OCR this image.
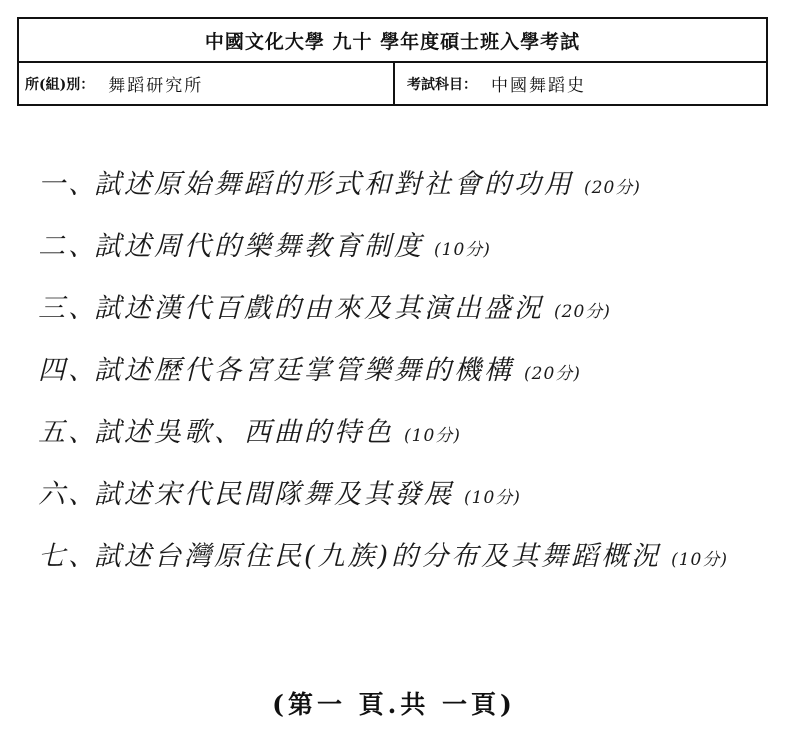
中國文化大學 九十 學年度碩士班入學考試
所(組)別： 舞蹈研究所	考試科目： 中國舞蹈史
一、
試述原始舞蹈的形式和對社會的功用 (20分)
二、
試述周代的樂舞教育制度 (10分)
三、
試述漢代百戲的由來及其演出盛況 (20分)
四、
試述歷代各宮廷掌管樂舞的機構 (20分)
五、
試述吳歌、西曲的特色 (10分)
六、
試述宋代民間隊舞及其發展 (10分)
七、
試述台灣原住民(九族)的分布及其舞蹈概況 (10分)
(第一 頁.共 一頁)
